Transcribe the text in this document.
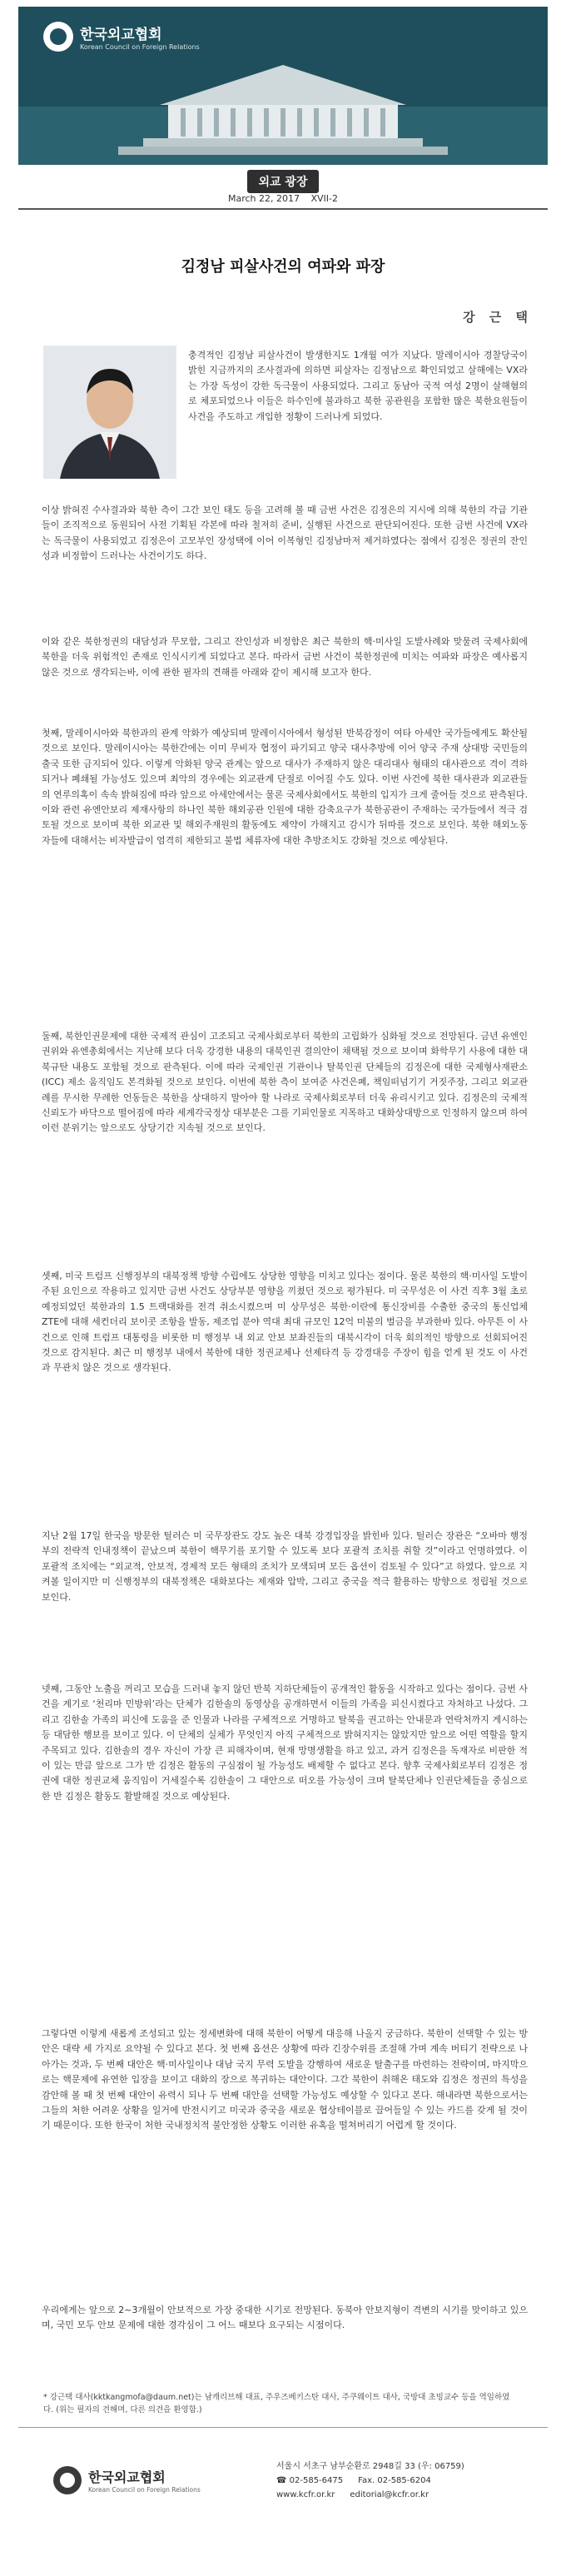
한국외교협회
Korean Council on Foreign Relations
외교 광장
March 22, 2017 XVII-2
김정남 피살사건의 여파와 파장
강 근 택

충격적인 김정남 피살사건이 발생한지도 1개월 여가 지났다. 말레이시아 경찰당국이 밝힌 지금까지의 조사결과에 의하면 피살자는 김정남으로 확인되었고 살해에는 VX라는 가장 독성이 강한 독극물이 사용되었다. 그리고 동남아 국적 여성 2명이 살해혐의로 체포되었으나 이들은 하수인에 불과하고 북한 공관원을 포함한 많은 북한요원들이 사건을 주도하고 개입한 정황이 드러나게 되었다.

이상 밝혀진 수사결과와 북한 측이 그간 보인 태도 등을 고려해 볼 때 금번 사건은 김정은의 지시에 의해 북한의 각급 기관들이 조직적으로 동원되어 사전 기획된 각본에 따라 철저히 준비, 실행된 사건으로 판단되어진다. 또한 금번 사건에 VX라는 독극물이 사용되었고 김정은이 고모부인 장성택에 이어 이복형인 김정남마저 제거하였다는 점에서 김정은 정권의 잔인성과 비정함이 드러나는 사건이기도 하다.

이와 같은 북한정권의 대담성과 무모함, 그리고 잔인성과 비정함은 최근 북한의 핵·미사일 도발사례와 맞물려 국제사회에 북한을 더욱 위험적인 존재로 인식시키게 되었다고 본다. 따라서 금번 사건이 북한정권에 미치는 여파와 파장은 예사롭지 않은 것으로 생각되는바, 이에 관한 필자의 견해를 아래와 같이 제시해 보고자 한다.

첫째, 말레이시아와 북한과의 관계 악화가 예상되며 말레이시아에서 형성된 반북감정이 여타 아세안 국가들에게도 확산될 것으로 보인다. 말레이시아는 북한간에는 이미 무비자 협정이 파기되고 양국 대사추방에 이어 양국 주재 상대방 국민들의 출국 또한 금지되어 있다. 이렇게 악화된 양국 관계는 앞으로 대사가 주재하지 않은 대리대사 형태의 대사관으로 격이 격하되거나 폐쇄될 가능성도 있으며 최악의 경우에는 외교관계 단절로 이어질 수도 있다. 이번 사건에 북한 대사관과 외교관들의 연루의혹이 속속 밝혀짐에 따라 앞으로 아세안에서는 물론 국제사회에서도 북한의 입지가 크게 줄어들 것으로 판측된다. 이와 관련 유엔안보리 제재사항의 하나인 북한 해외공관 인원에 대한 감축요구가 북한공관이 주재하는 국가들에서 적극 검토될 것으로 보이며 북한 외교관 및 해외주재원의 활동에도 제약이 가해지고 감시가 뒤따를 것으로 보인다. 북한 해외노동자들에 대해서는 비자발급이 엄격히 제한되고 불법 체류자에 대한 추방조치도 강화될 것으로 예상된다.

둘째, 북한인권문제에 대한 국제적 관심이 고조되고 국제사회로부터 북한의 고립화가 심화될 것으로 전망된다. 금년 유엔인권위와 유엔총회에서는 지난해 보다 더욱 강경한 내용의 대북인권 결의안이 채택될 것으로 보이며 화학무기 사용에 대한 대북규탄 내용도 포함될 것으로 판측된다. 이에 따라 국제인권 기관이나 탈북인권 단체들의 김정은에 대한 국제형사재판소(ICC) 제소 움직임도 본격화될 것으로 보인다. 이번에 북한 측이 보여준 사건은폐, 책임떠넘기기 거짓주장, 그리고 외교관례를 무시한 무례한 언동들은 북한을 상대하지 말아야 할 나라로 국제사회로부터 더욱 유리시키고 있다. 김정은의 국제적 신뢰도가 바닥으로 떨어짐에 따라 세계각국정상 대부분은 그를 기피인물로 지목하고 대화상대방으로 인정하지 않으며 하여 이런 분위기는 앞으로도 상당기간 지속될 것으로 보인다.

셋째, 미국 트럼프 신행정부의 대북정책 방향 수립에도 상당한 영향을 미치고 있다는 점이다. 물론 북한의 핵·미사일 도발이 주된 요인으로 작용하고 있지만 금번 사건도 상당부분 영향을 끼쳤던 것으로 평가된다. 미 국무성은 이 사건 직후 3월 초로 예정되었던 북한과의 1.5 트랙대화를 전격 취소시켰으며 미 상무성은 북한·이란에 통신장비를 수출한 중국의 통신업체 ZTE에 대해 세컨더리 보이콧 조항을 발동, 제조업 분야 역대 최대 규모인 12억 미불의 벌금을 부과한바 있다. 아무튼 이 사건으로 인해 트럼프 대통령을 비롯한 미 행정부 내 외교 안보 보좌진들의 대북시각이 더욱 회의적인 방향으로 선회되어진 것으로 감지된다. 최근 미 행정부 내에서 북한에 대한 정권교체나 선제타격 등 강경대응 주장이 힘을 얻게 된 것도 이 사건과 무관치 않은 것으로 생각된다.

지난 2월 17일 한국을 방문한 틸러슨 미 국무장관도 강도 높은 대북 강경입장을 밝힌바 있다. 틸러슨 장관은 “오바마 행정부의 전략적 인내정책이 끝났으며 북한이 핵무기를 포기할 수 있도록 보다 포괄적 조치를 취할 것”이라고 언명하였다. 이 포괄적 조치에는 “외교적, 안보적, 경제적 모든 형태의 조치가 모색되며 모든 옵션이 검토될 수 있다”고 하였다. 앞으로 지켜볼 일이지만 미 신행정부의 대북정책은 대화보다는 제재와 압박, 그리고 중국을 적극 활용하는 방향으로 정립될 것으로 보인다.

넷째, 그동안 노출을 꺼리고 모습을 드러내 놓지 않던 반북 지하단체들이 공개적인 활동을 시작하고 있다는 점이다. 금번 사건을 계기로 ‘천리마 민방위’라는 단체가 김한솔의 동영상을 공개하면서 이들의 가족을 피신시켰다고 자처하고 나섰다. 그리고 김한솔 가족의 피신에 도움을 준 인물과 나라를 구체적으로 거명하고 탈북을 권고하는 안내문과 연락처까지 게시하는 등 대담한 행보를 보이고 있다. 이 단체의 실체가 무엇인지 아직 구체적으로 밝혀지지는 않았지만 앞으로 어떤 역할을 할지 주목되고 있다. 김한솔의 경우 자신이 가장 큰 피해자이며, 현재 망명생활을 하고 있고, 과거 김정은을 독재자로 비판한 적이 있는 만큼 앞으로 그가 반 김정은 활동의 구심점이 될 가능성도 배제할 수 없다고 본다. 향후 국제사회로부터 김정은 정권에 대한 정권교체 움직임이 거세질수록 김한솔이 그 대안으로 떠오를 가능성이 크며 탈북단체나 인권단체들을 중심으로 한 반 김정은 활동도 활발해질 것으로 예상된다.

그렇다면 이렇게 새롭게 조성되고 있는 정세변화에 대해 북한이 어떻게 대응해 나올지 궁금하다. 북한이 선택할 수 있는 방안은 대략 세 가지로 요약될 수 있다고 본다. 첫 번째 옵션은 상황에 따라 긴장수위를 조절해 가며 계속 버티기 전략으로 나아가는 것과, 두 번째 대안은 핵·미사일이나 대남 국지 무력 도발을 강행하여 새로운 탈출구를 마련하는 전략이며, 마지막으로는 핵문제에 유연한 입장을 보이고 대화의 장으로 복귀하는 대안이다. 그간 북한이 취해온 태도와 김정은 정권의 특성을 감안해 볼 때 첫 번째 대안이 유력시 되나 두 번째 대안을 선택할 가능성도 예상할 수 있다고 본다. 해내라면 북한으로서는 그들의 처한 어려운 상황을 일거에 반전시키고 미국과 중국을 새로운 협상테이블로 끌어들일 수 있는 카드를 갖게 될 것이기 때문이다. 또한 한국이 처한 국내정치적 불안정한 상황도 이러한 유혹을 떨쳐버리기 어렵게 할 것이다.

우리에게는 앞으로 2~3개월이 안보적으로 가장 중대한 시기로 전망된다. 동북아 안보지형이 격변의 시기를 맞이하고 있으며, 국민 모두 안보 문제에 대한 경각심이 그 어느 때보다 요구되는 시점이다.

* 강근택 대사(kktkangmofa@daum.net)는 남캐리브해 대표, 주우즈베키스탄 대사, 주쿠웨이트 대사, 국방대 초빙교수 등을 역임하였다. (위는 필자의 견해며, 다른 의견을 환영함.)
한국외교협회
Korean Council on Foreign Relations
서울시 서초구 남부순환로 2948길 33 (우: 06759)
☎ 02-585-6475 Fax. 02-585-6204
www.kcfr.or.kr editorial@kcfr.or.kr
